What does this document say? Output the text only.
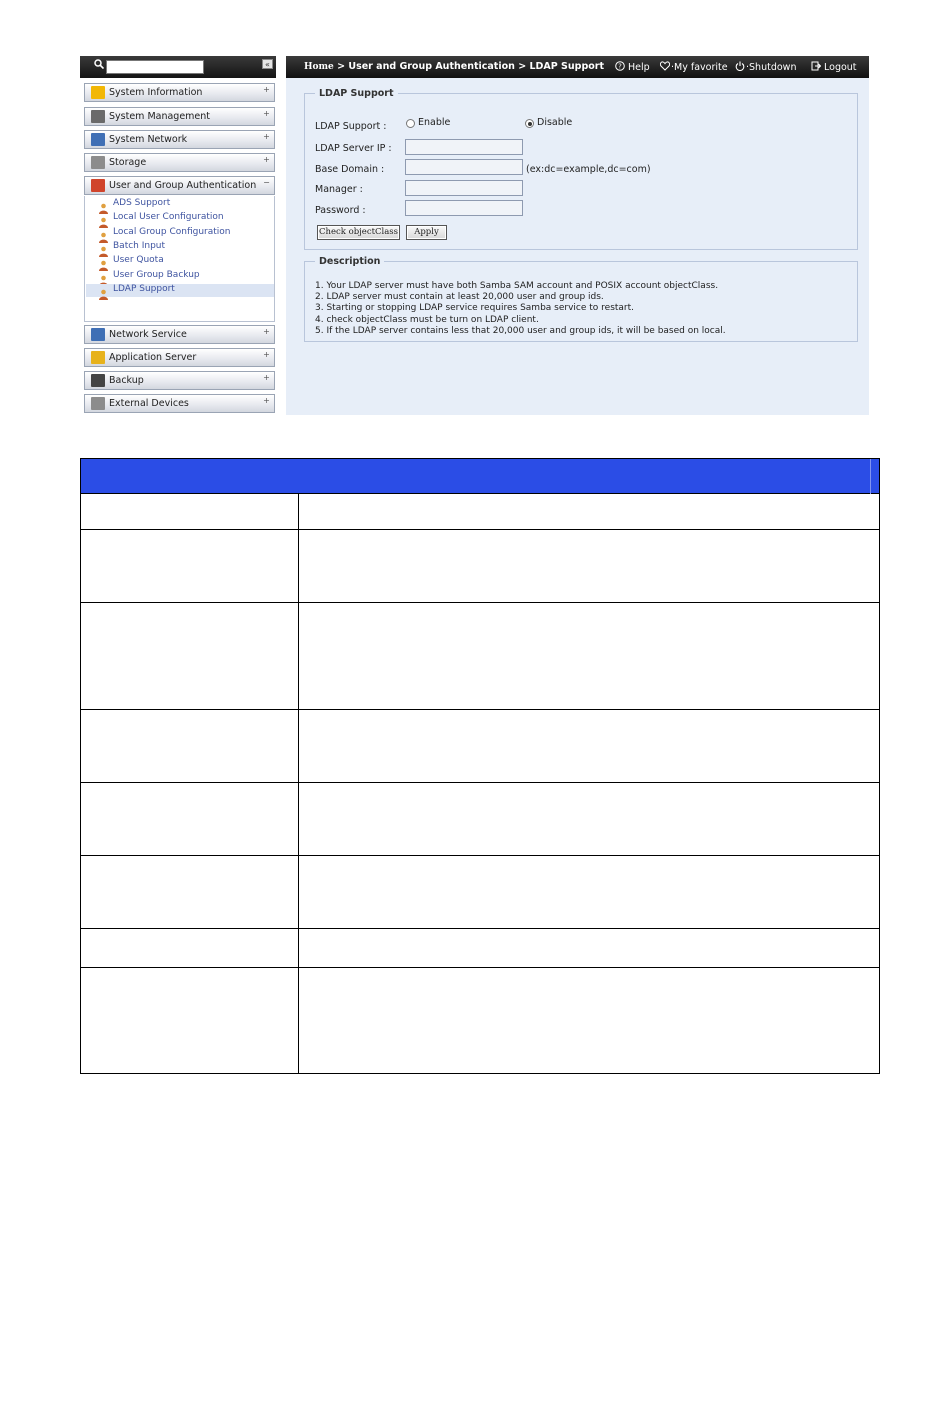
«
ADS Support
Local User Configuration
Local Group Configuration
Batch Input
User Quota
User Group Backup
LDAP Support
System Information	+
System Management	+
System Network	+
Storage	+
User and Group Authentication −
Network Service	+
Application Server	+
Backup	+
External Devices	+
Home > User and Group Authentication > LDAP Support ? Help	·My favorite	·Shutdown	Logout
LDAP Support
LDAP Support :	Enable	Disable
LDAP Server IP :
Base Domain :	(ex:dc=example,dc=com)
Manager :
Password :
Check objectClass	Apply
Description
1. Your LDAP server must have both Samba SAM account and POSIX account objectClass.
2. LDAP server must contain at least 20,000 user and group ids.
3. Starting or stopping LDAP service requires Samba service to restart.
4. check objectClass must be turn on LDAP client.
5. If the LDAP server contains less that 20,000 user and group ids, it will be based on local.
